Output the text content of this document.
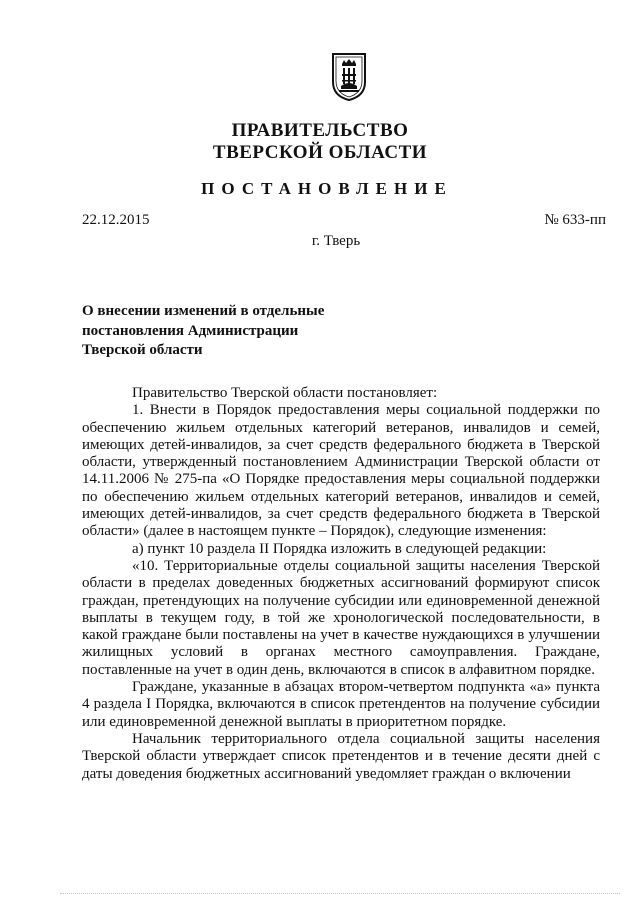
ПРАВИТЕЛЬСТВО
ТВЕРСКОЙ ОБЛАСТИ
ПОСТАНОВЛЕНИЕ
22.12.2015	№ 633-пп
г. Тверь
О внесении изменений в отдельные
постановления Администрации
Тверской области

Правительство Тверской области постановляет:

1. Внести в Порядок предоставления меры социальной поддержки по обеспечению жильем отдельных категорий ветеранов, инвалидов и семей, имеющих детей-инвалидов, за счет средств федерального бюджета в Тверской области, утвержденный постановлением Администрации Тверской области от 14.11.2006 № 275-па «О Порядке предоставления меры социальной поддержки по обеспечению жильем отдельных категорий ветеранов, инвалидов и семей, имеющих детей-инвалидов, за счет средств федерального бюджета в Тверской области» (далее в настоящем пункте – Порядок), следующие изменения:

а) пункт 10 раздела II Порядка изложить в следующей редакции:

«10. Территориальные отделы социальной защиты населения Тверской области в пределах доведенных бюджетных ассигнований формируют список граждан, претендующих на получение субсидии или единовременной денежной выплаты в текущем году, в той же хронологической последовательности, в какой граждане были поставлены на учет в качестве нуждающихся в улучшении жилищных условий в органах местного самоуправления. Граждане, поставленные на учет в один день, включаются в список в алфавитном порядке.

Граждане, указанные в абзацах втором-четвертом подпункта «а» пункта 4 раздела I Порядка, включаются в список претендентов на получение субсидии или единовременной денежной выплаты в приоритетном порядке.

Начальник территориального отдела социальной защиты населения Тверской области утверждает список претендентов и в течение десяти дней с даты доведения бюджетных ассигнований уведомляет граждан о включении
